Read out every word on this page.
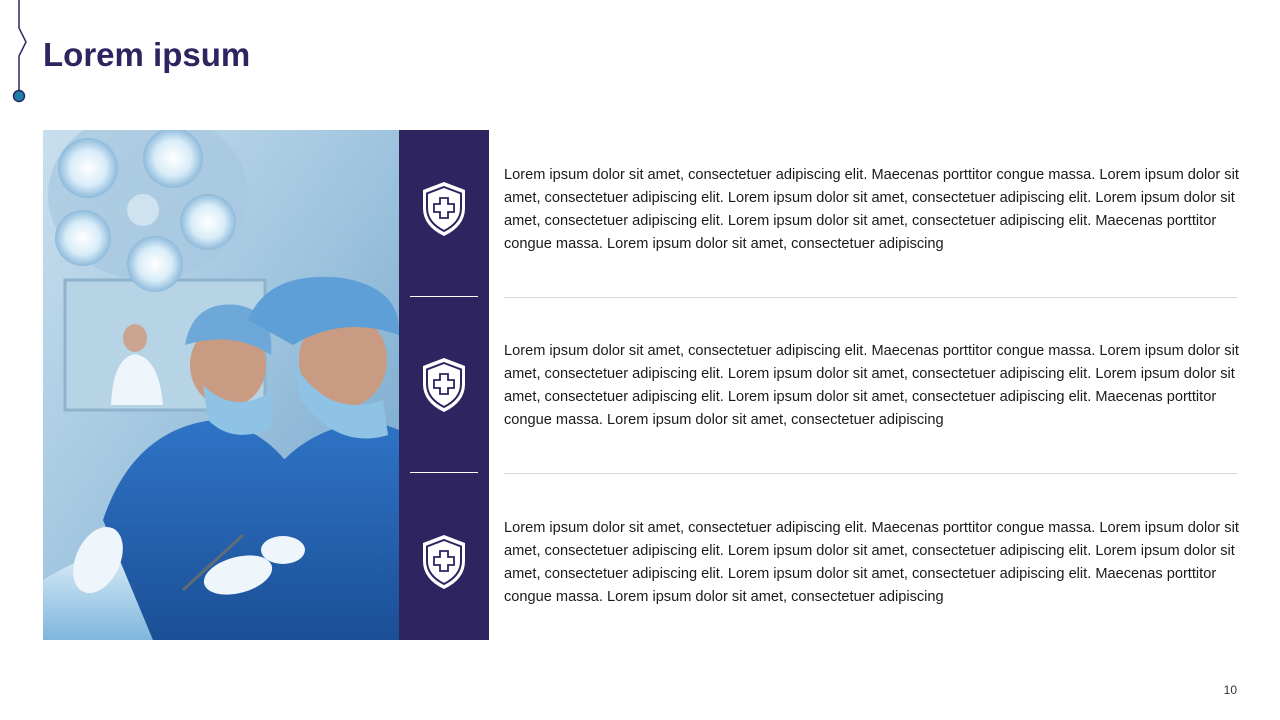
Lorem ipsum
Lorem ipsum dolor sit amet, consectetuer adipiscing elit. Maecenas porttitor congue massa. Lorem ipsum dolor sit amet, consectetuer adipiscing elit. Lorem ipsum dolor sit amet, consectetuer adipiscing elit. Lorem ipsum dolor sit amet, consectetuer adipiscing elit. Lorem ipsum dolor sit amet, consectetuer adipiscing elit. Maecenas porttitor congue massa. Lorem ipsum dolor sit amet, consectetuer adipiscing
Lorem ipsum dolor sit amet, consectetuer adipiscing elit. Maecenas porttitor congue massa. Lorem ipsum dolor sit amet, consectetuer adipiscing elit. Lorem ipsum dolor sit amet, consectetuer adipiscing elit. Lorem ipsum dolor sit amet, consectetuer adipiscing elit. Lorem ipsum dolor sit amet, consectetuer adipiscing elit. Maecenas porttitor congue massa. Lorem ipsum dolor sit amet, consectetuer adipiscing
Lorem ipsum dolor sit amet, consectetuer adipiscing elit. Maecenas porttitor congue massa. Lorem ipsum dolor sit amet, consectetuer adipiscing elit. Lorem ipsum dolor sit amet, consectetuer adipiscing elit. Lorem ipsum dolor sit amet, consectetuer adipiscing elit. Lorem ipsum dolor sit amet, consectetuer adipiscing elit. Maecenas porttitor congue massa. Lorem ipsum dolor sit amet, consectetuer adipiscing
10
